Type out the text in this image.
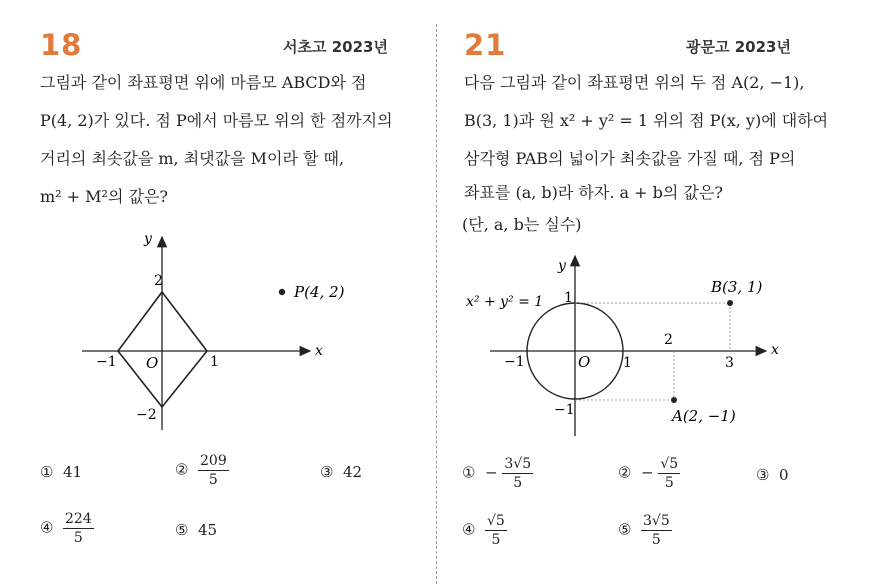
18	서초고 2023년
그림과 같이 좌표평면 위에 마름모 ABCD와 점
P(4, 2)가 있다. 점 P에서 마름모 위의 한 점까지의
거리의 최솟값을 m, 최댓값을 M이라 할 때,
m² + M²의 값은?
y
x
O
2
−2
1
−1
P(4, 2)
① 41	② $\frac{209}{5}$	③ 42
④ $\frac{224}{5}$	⑤ 45
21	광문고 2023년
다음 그림과 같이 좌표평면 위의 두 점 A(2, −1),
B(3, 1)과 원 x² + y² = 1 위의 점 P(x, y)에 대하여
삼각형 PAB의 넓이가 최솟값을 가질 때, 점 P의
좌표를 (a, b)라 하자. a + b의 값은?
(단, a, b는 실수)
y
x
O
x² + y² = 1 1
−1
−1	1
2
3
B(3, 1)
A(2, −1)
① − $\frac{3√5}{5}$	② − $\frac{√5}{5}$	③ 0
④ $\frac{√5}{5}$	⑤ $\frac{3√5}{5}$
